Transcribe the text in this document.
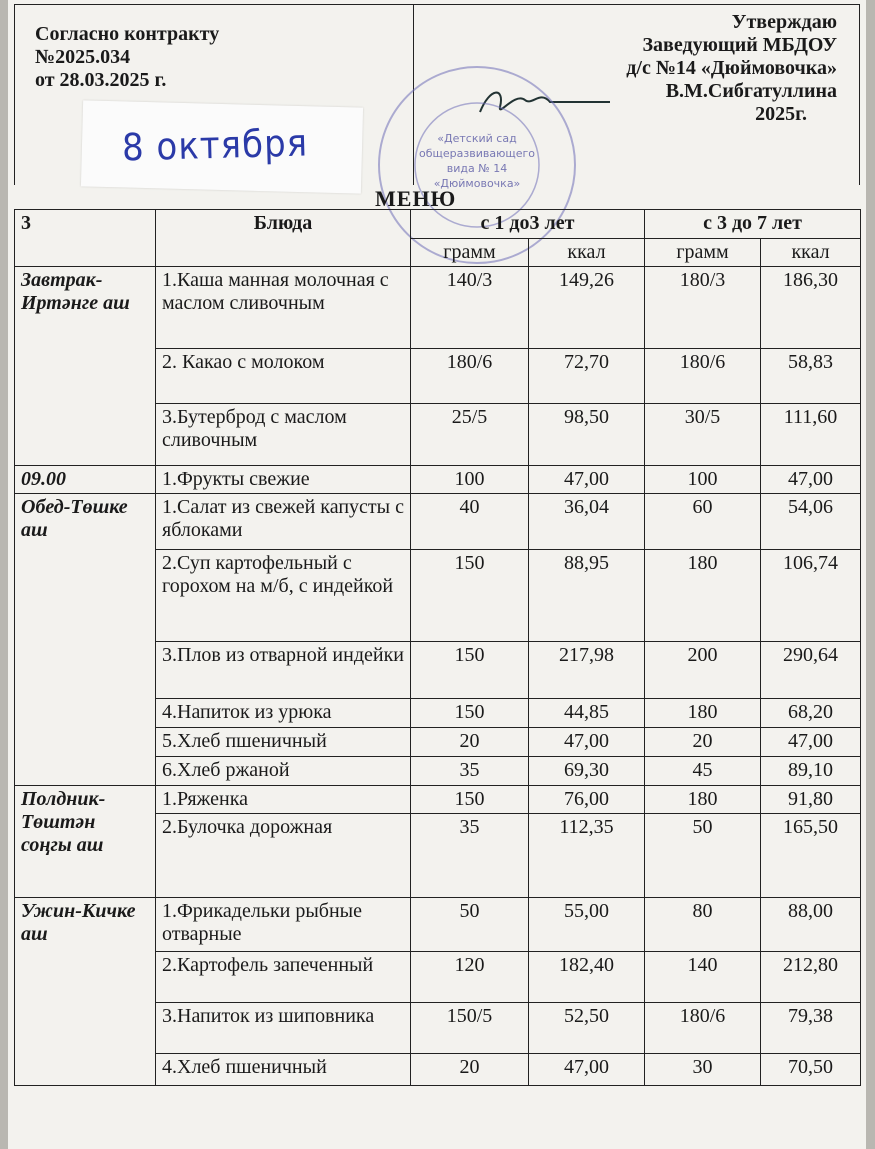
Согласно контракту
№2025.034
от 28.03.2025 г.
Утверждаю
Заведующий МБДОУ
д/с №14 «Дюймовочка»
В.М.Сибгатуллина
2025г.
«Детский сад
общеразвивающего
вида № 14
«Дюймовочка»
8 октября
МЕНЮ
3	Блюда	с 1 до3 лет		с 3 до 7 лет	
		грамм	ккал	грамм	ккал
Завтрак-Иртәнге аш	1.Каша манная молочная с маслом сливочным	140/3	149,26	180/3	186,30
	2. Какао с молоком	180/6	72,70	180/6	58,83
	3.Бутерброд с маслом сливочным	25/5	98,50	30/5	111,60
09.00	1.Фрукты свежие	100	47,00	100	47,00
Обед-Төшке аш	1.Салат из свежей капусты с яблоками	40	36,04	60	54,06
	2.Суп картофельный с горохом на м/б, с индейкой	150	88,95	180	106,74
	3.Плов из отварной индейки	150	217,98	200	290,64
	4.Напиток из урюка	150	44,85	180	68,20
	5.Хлеб пшеничный	20	47,00	20	47,00
	6.Хлеб ржаной	35	69,30	45	89,10
Полдник-Төштән соңгы аш	1.Ряженка	150	76,00	180	91,80
	2.Булочка дорожная	35	112,35	50	165,50
Ужин-Кичке аш	1.Фрикадельки рыбные отварные	50	55,00	80	88,00
	2.Картофель запеченный	120	182,40	140	212,80
	3.Напиток из шиповника	150/5	52,50	180/6	79,38
	4.Хлеб пшеничный	20	47,00	30	70,50
